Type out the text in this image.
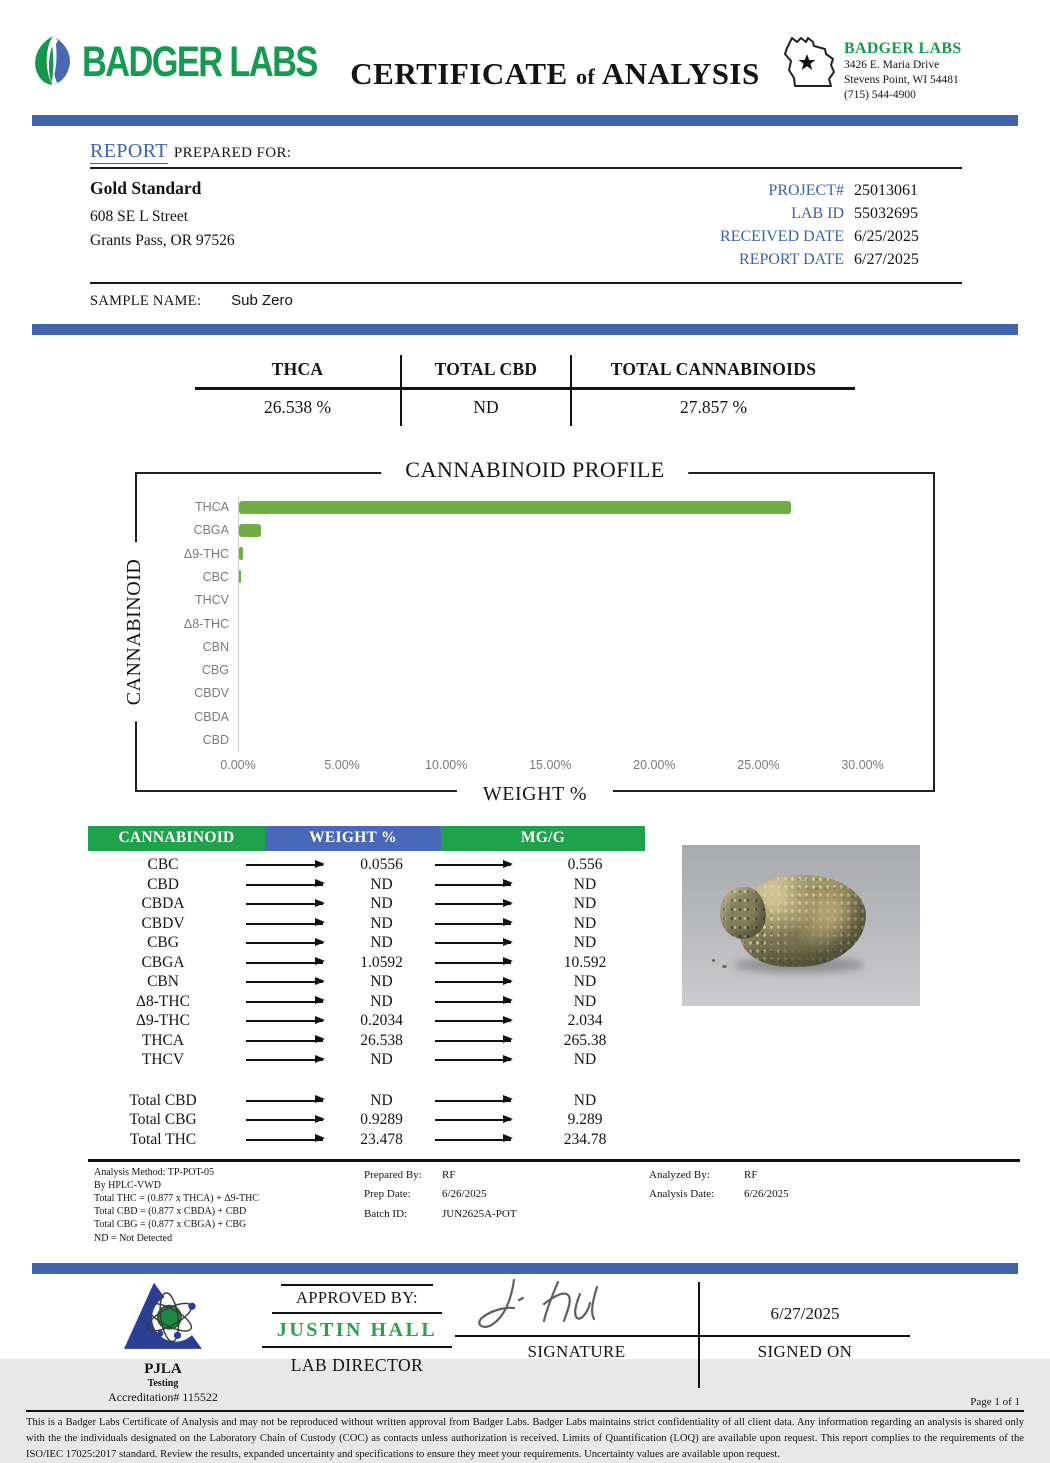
BADGER LABS	CERTIFICATE of ANALYSIS
BADGER LABS
3426 E. Maria Drive
Stevens Point, WI 54481
(715) 544-4900
REPORT PREPARED FOR:
Gold Standard
608 SE L Street
Grants Pass, OR 97526
PROJECT# 25013061
LAB ID 55032695
RECEIVED DATE 6/25/2025
REPORT DATE 6/27/2025
SAMPLE NAME: Sub Zero
THCA	TOTAL CBD	TOTAL CANNABINOIDS
26.538 %	ND	27.857 %
CANNABINOID PROFILE
CANNABINOID
THCA
CBGA
Δ9-THC
CBC
THCV
Δ8-THC
CBN
CBG
CBDV
CBDA
CBD
0.00%	5.00%	10.00%	15.00%	20.00%	25.00%	30.00%
WEIGHT %
CANNABINOID	WEIGHT %	MG/G
CBC	0.0556	0.556
CBD	ND	ND
CBDA	ND	ND
CBDV	ND	ND
CBG	ND	ND
CBGA	1.0592	10.592
CBN	ND	ND
Δ8-THC	ND	ND
Δ9-THC	0.2034	2.034
THCA	26.538	265.38
THCV	ND	ND
Total CBD	ND	ND
Total CBG	0.9289	9.289
Total THC	23.478	234.78
Analysis Method: TP-POT-05
By HPLC-VWD
Total THC = (0.877 x THCA) + Δ9-THC
Total CBD = (0.877 x CBDA) + CBD
Total CBG = (0.877 x CBGA) + CBG
ND = Not Detected
Prepared By:	RF
Prep Date:	6/26/2025
Batch ID:	JUN2625A-POT
Analyzed By:	RF
Analysis Date:	6/26/2025
PJLA
Testing
Accreditation# 115522
APPROVED BY:
JUSTIN HALL
LAB DIRECTOR
SIGNATURE
6/27/2025
SIGNED ON
Page 1 of 1
This is a Badger Labs Certificate of Analysis and may not be reproduced without written approval from Badger Labs. Badger Labs maintains strict confidentiality of all client data. Any information regarding an analysis is shared only with the the individuals designated on the Laboratory Chain of Custody (COC) as contacts unless authorization is received. Limits of Quantification (LOQ) are available upon request. This report complies to the requirements of the ISO/IEC 17025:2017 standard. Review the results, expanded uncertainty and specifications to ensure they meet your requirements. Uncertainty values are available upon request.
